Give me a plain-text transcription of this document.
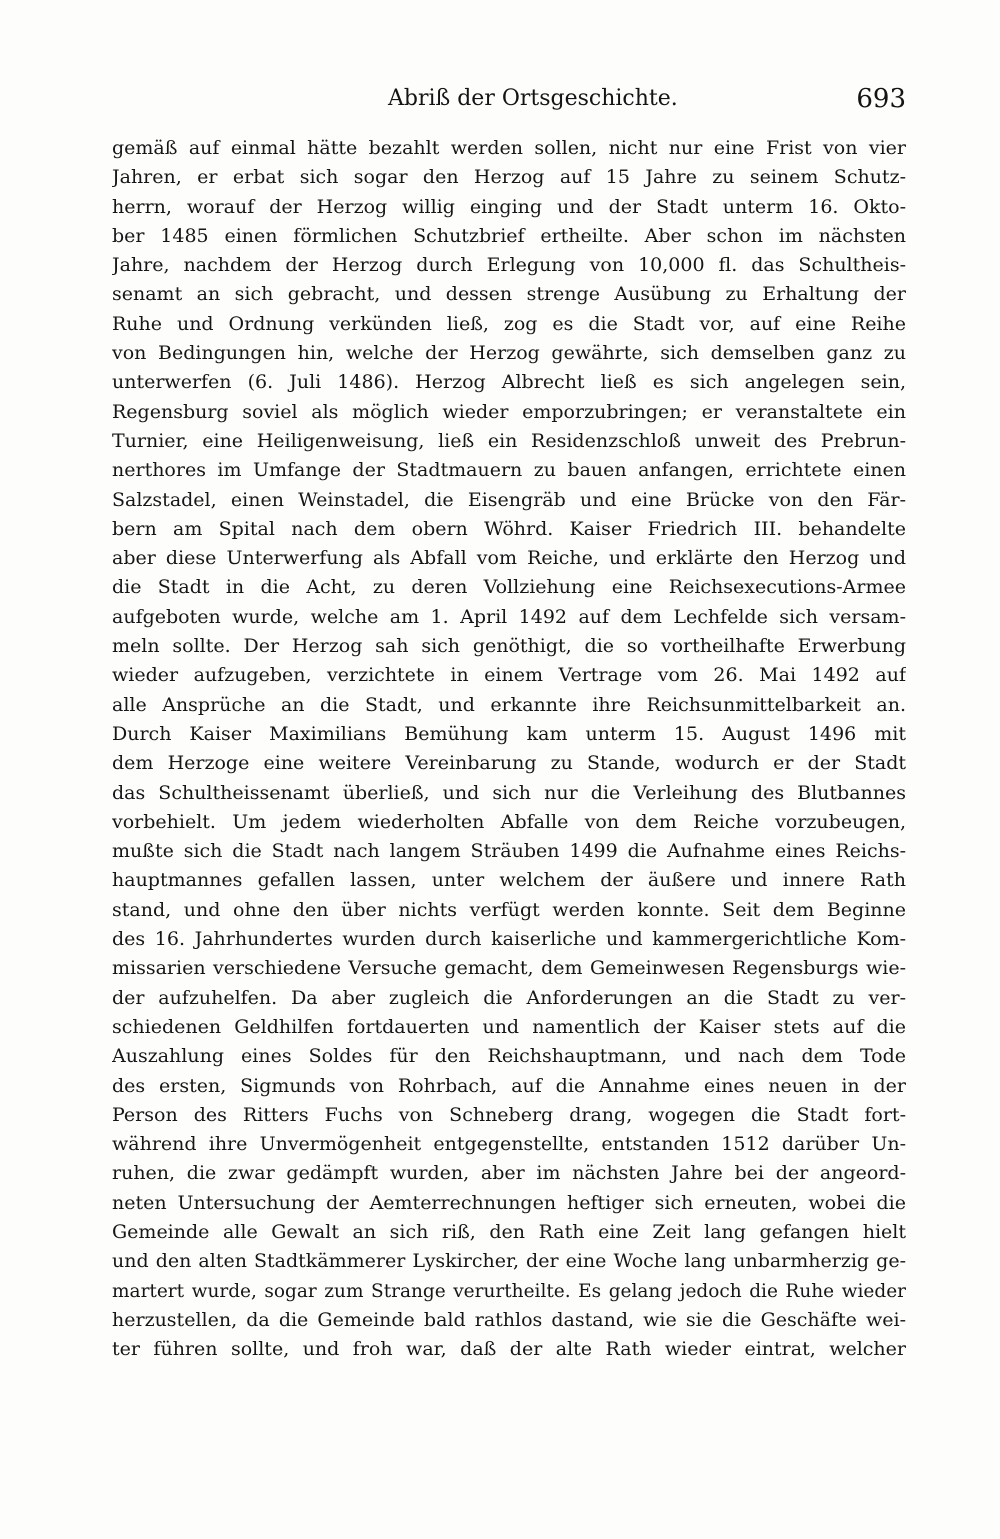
Abriß der Ortsgeschichte.	693
gemäß auf einmal hätte bezahlt werden sollen, nicht nur eine Frist von vier
Jahren, er erbat sich sogar den Herzog auf 15 Jahre zu seinem Schutz-
herrn, worauf der Herzog willig einging und der Stadt unterm 16. Okto-
ber 1485 einen förmlichen Schutzbrief ertheilte. Aber schon im nächsten
Jahre, nachdem der Herzog durch Erlegung von 10,000 fl. das Schultheis-
senamt an sich gebracht, und dessen strenge Ausübung zu Erhaltung der
Ruhe und Ordnung verkünden ließ, zog es die Stadt vor, auf eine Reihe
von Bedingungen hin, welche der Herzog gewährte, sich demselben ganz zu
unterwerfen (6. Juli 1486). Herzog Albrecht ließ es sich angelegen sein,
Regensburg soviel als möglich wieder emporzubringen; er veranstaltete ein
Turnier, eine Heiligenweisung, ließ ein Residenzschloß unweit des Prebrun-
nerthores im Umfange der Stadtmauern zu bauen anfangen, errichtete einen
Salzstadel, einen Weinstadel, die Eisengräb und eine Brücke von den Fär-
bern am Spital nach dem obern Wöhrd. Kaiser Friedrich III. behandelte
aber diese Unterwerfung als Abfall vom Reiche, und erklärte den Herzog und
die Stadt in die Acht, zu deren Vollziehung eine Reichsexecutions-Armee
aufgeboten wurde, welche am 1. April 1492 auf dem Lechfelde sich versam-
meln sollte. Der Herzog sah sich genöthigt, die so vortheilhafte Erwerbung
wieder aufzugeben, verzichtete in einem Vertrage vom 26. Mai 1492 auf
alle Ansprüche an die Stadt, und erkannte ihre Reichsunmittelbarkeit an.
Durch Kaiser Maximilians Bemühung kam unterm 15. August 1496 mit
dem Herzoge eine weitere Vereinbarung zu Stande, wodurch er der Stadt
das Schultheissenamt überließ, und sich nur die Verleihung des Blutbannes
vorbehielt. Um jedem wiederholten Abfalle von dem Reiche vorzubeugen,
mußte sich die Stadt nach langem Sträuben 1499 die Aufnahme eines Reichs-
hauptmannes gefallen lassen, unter welchem der äußere und innere Rath
stand, und ohne den über nichts verfügt werden konnte. Seit dem Beginne
des 16. Jahrhundertes wurden durch kaiserliche und kammergerichtliche Kom-
missarien verschiedene Versuche gemacht, dem Gemeinwesen Regensburgs wie-
der aufzuhelfen. Da aber zugleich die Anforderungen an die Stadt zu ver-
schiedenen Geldhilfen fortdauerten und namentlich der Kaiser stets auf die
Auszahlung eines Soldes für den Reichshauptmann, und nach dem Tode
des ersten, Sigmunds von Rohrbach, auf die Annahme eines neuen in der
Person des Ritters Fuchs von Schneberg drang, wogegen die Stadt fort-
während ihre Unvermögenheit entgegenstellte, entstanden 1512 darüber Un-
ruhen, die zwar gedämpft wurden, aber im nächsten Jahre bei der angeord-
neten Untersuchung der Aemterrechnungen heftiger sich erneuten, wobei die
Gemeinde alle Gewalt an sich riß, den Rath eine Zeit lang gefangen hielt
und den alten Stadtkämmerer Lyskircher, der eine Woche lang unbarmherzig ge-
martert wurde, sogar zum Strange verurtheilte. Es gelang jedoch die Ruhe wieder
herzustellen, da die Gemeinde bald rathlos dastand, wie sie die Geschäfte wei-
ter führen sollte, und froh war, daß der alte Rath wieder eintrat, welcher
